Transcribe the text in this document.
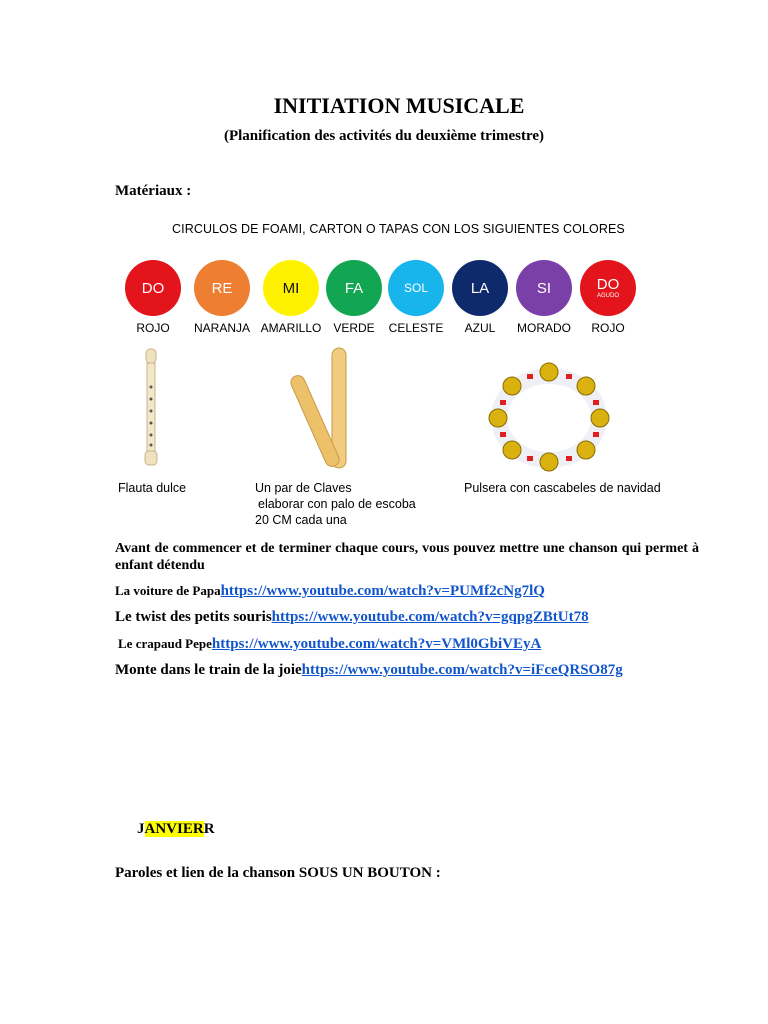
INITIATION MUSICALE
(Planification des activités du deuxième trimestre)
Matériaux :
CIRCULOS DE FOAMI, CARTON O TAPAS CON LOS SIGUIENTES COLORES
DO
ROJO
RE
NARANJA
MI
AMARILLO
FA
VERDE
SOL
CELESTE
LA
AZUL
SI
MORADO
DO
AGUDO
ROJO
Flauta dulce	Un par de Claves
elaborar con palo de escoba
20 CM cada una
Pulsera con cascabeles de navidad
Avant de commencer et de terminer chaque cours, vous pouvez mettre une chanson qui permet à enfant détendu
La voiture de Papahttps://www.youtube.com/watch?v=PUMf2cNg7lQ
Le twist des petits sourishttps://www.youtube.com/watch?v=gqpgZBtUt78
Le crapaud Pepehttps://www.youtube.com/watch?v=VMl0GbiVEyA
Monte dans le train de la joiehttps://www.youtube.com/watch?v=iFceQRSO87g
JANVIERR
Paroles et lien de la chanson SOUS UN BOUTON :
